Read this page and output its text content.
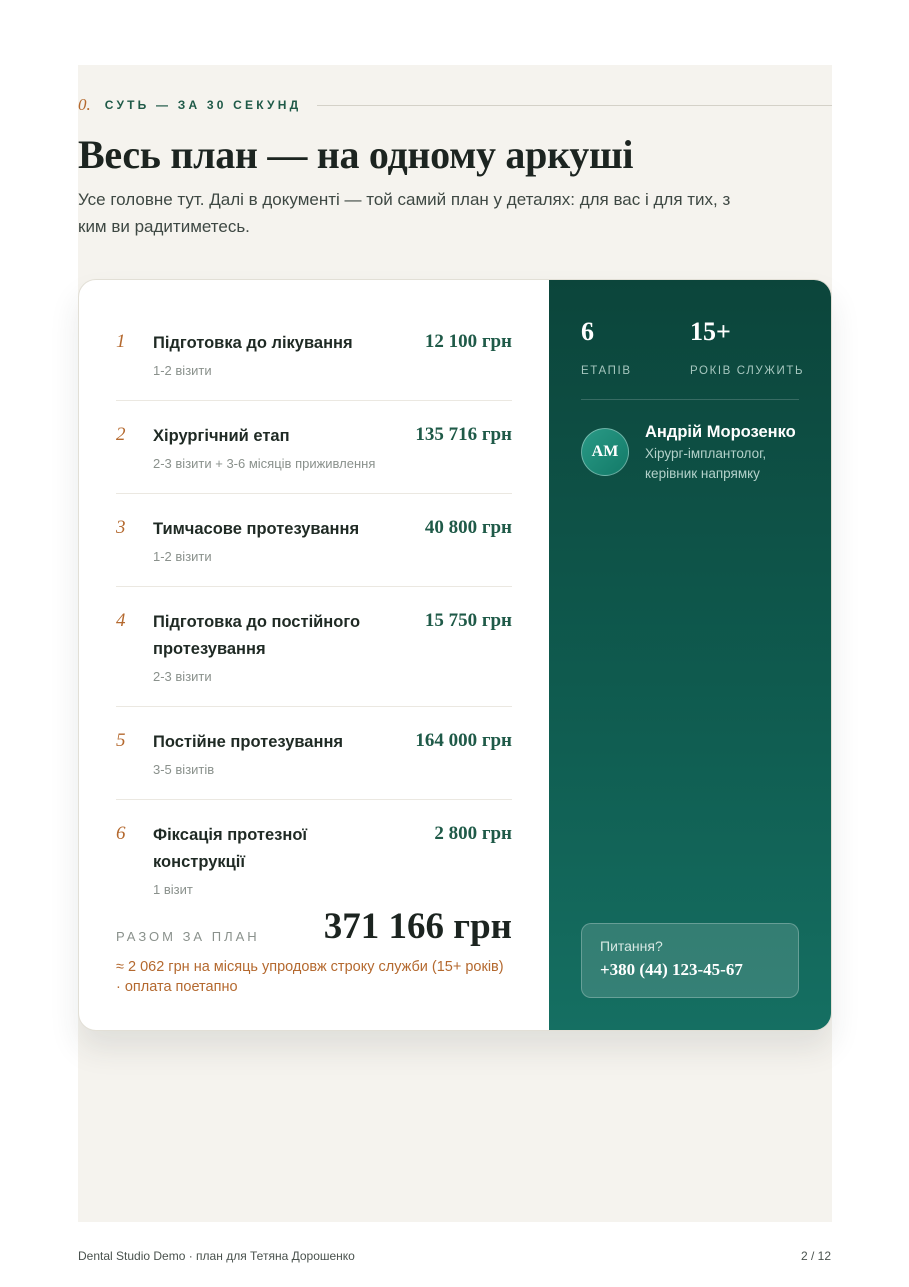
0. СУТЬ — ЗА 30 СЕКУНД
Весь план — на одному аркуші

Усе головне тут. Далі в документі — той самий план у деталях: для вас і для тих, з ким ви радитиметесь.

1 Підготовка до лікування
1-2 візити
12 100 грн
2 Хірургічний етап
2-3 візити + 3-6 місяців приживлення
135 716 грн
3 Тимчасове протезування
1-2 візити
40 800 грн
4 Підготовка до постійного протезування
2-3 візити
15 750 грн
5 Постійне протезування
3-5 візитів
164 000 грн
6 Фіксація протезної конструкції
1 візит
2 800 грн
РАЗОМ ЗА ПЛАН 371 166 грн
≈ 2 062 грн на місяць упродовж строку служби (15+ років) · оплата поетапно
6
ЕТАПІВ
15+
РОКІВ СЛУЖИТЬ
АМ
Андрій Морозенко
Хірург-імплантолог, керівник напрямку
Питання?
+380 (44) 123-45-67
Dental Studio Demo · план для Тетяна Дорошенко	2 / 12
